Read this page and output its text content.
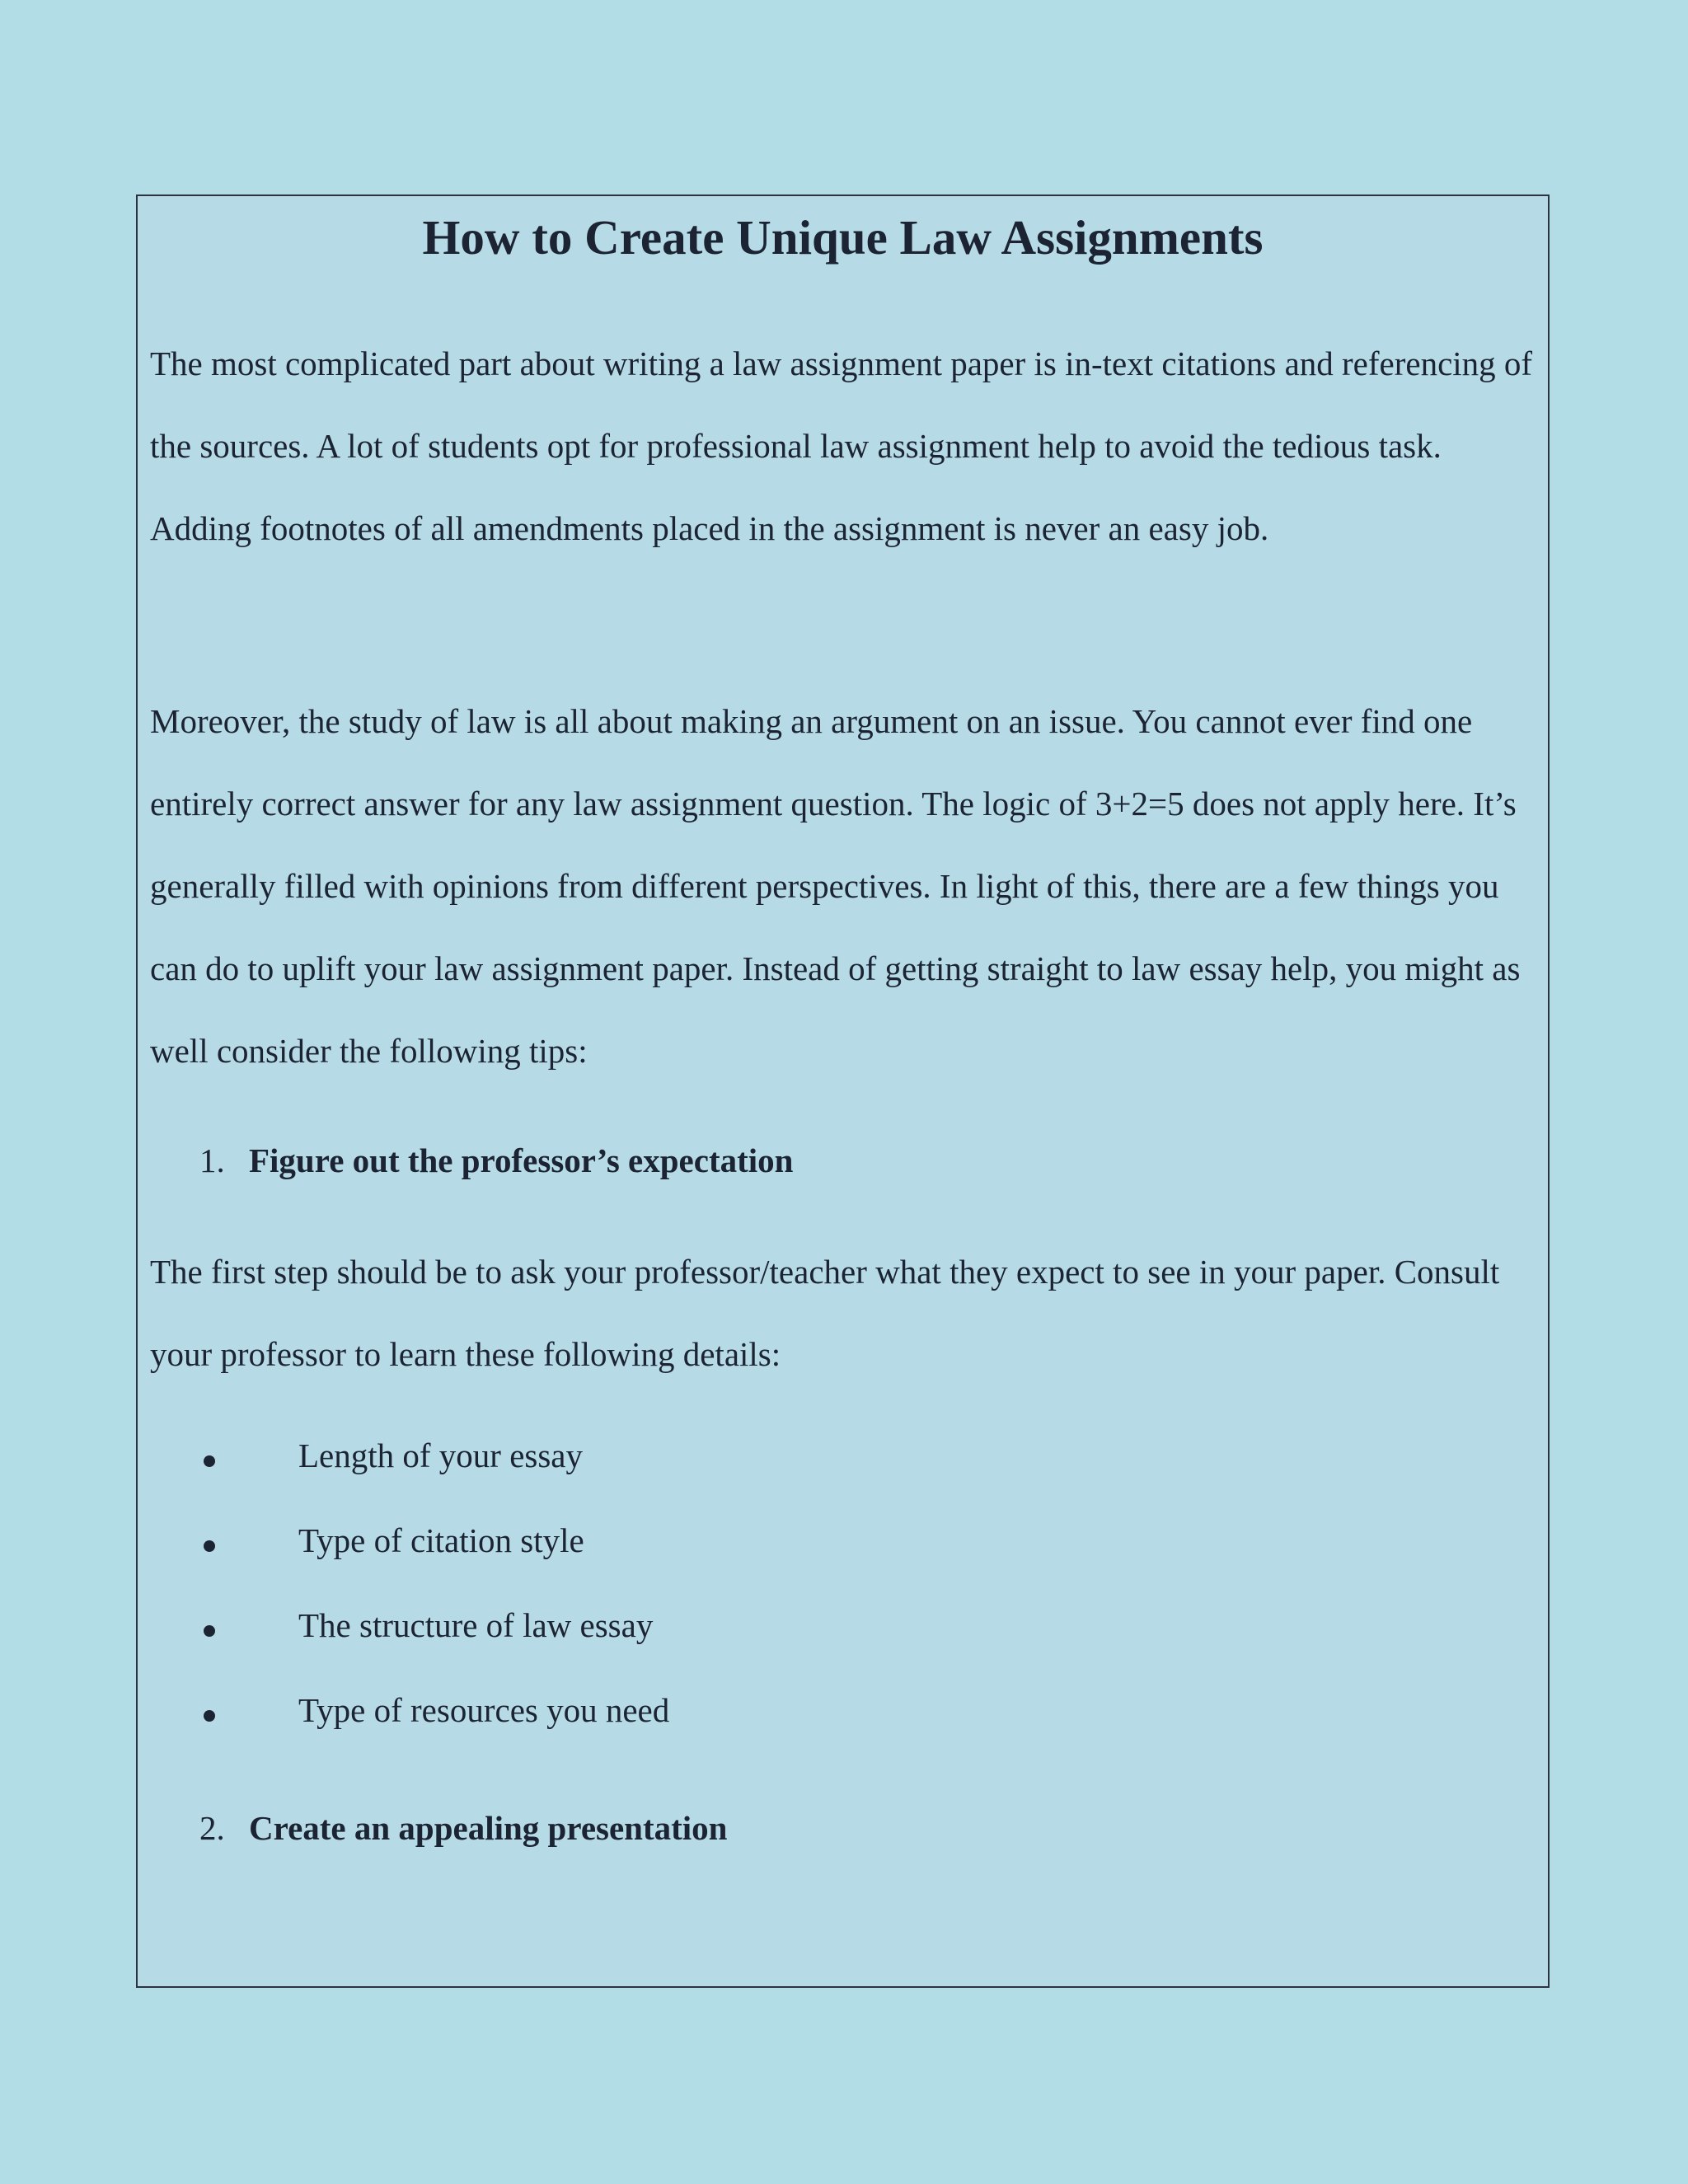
How to Create Unique Law Assignments

The most complicated part about writing a law assignment paper is in-text citations and referencing of the sources. A lot of students opt for professional law assignment help to avoid the tedious task. Adding footnotes of all amendments placed in the assignment is never an easy job.

Moreover, the study of law is all about making an argument on an issue. You cannot ever find one entirely correct answer for any law assignment question. The logic of 3+2=5 does not apply here. It’s generally filled with opinions from different perspectives. In light of this, there are a few things you can do to uplift your law assignment paper. Instead of getting straight to law essay help, you might as well consider the following tips:

1. Figure out the professor’s expectation

The first step should be to ask your professor/teacher what they expect to see in your paper. Consult your professor to learn these following details:

Length of your essay
Type of citation style
The structure of law essay
Type of resources you need
2. Create an appealing presentation
